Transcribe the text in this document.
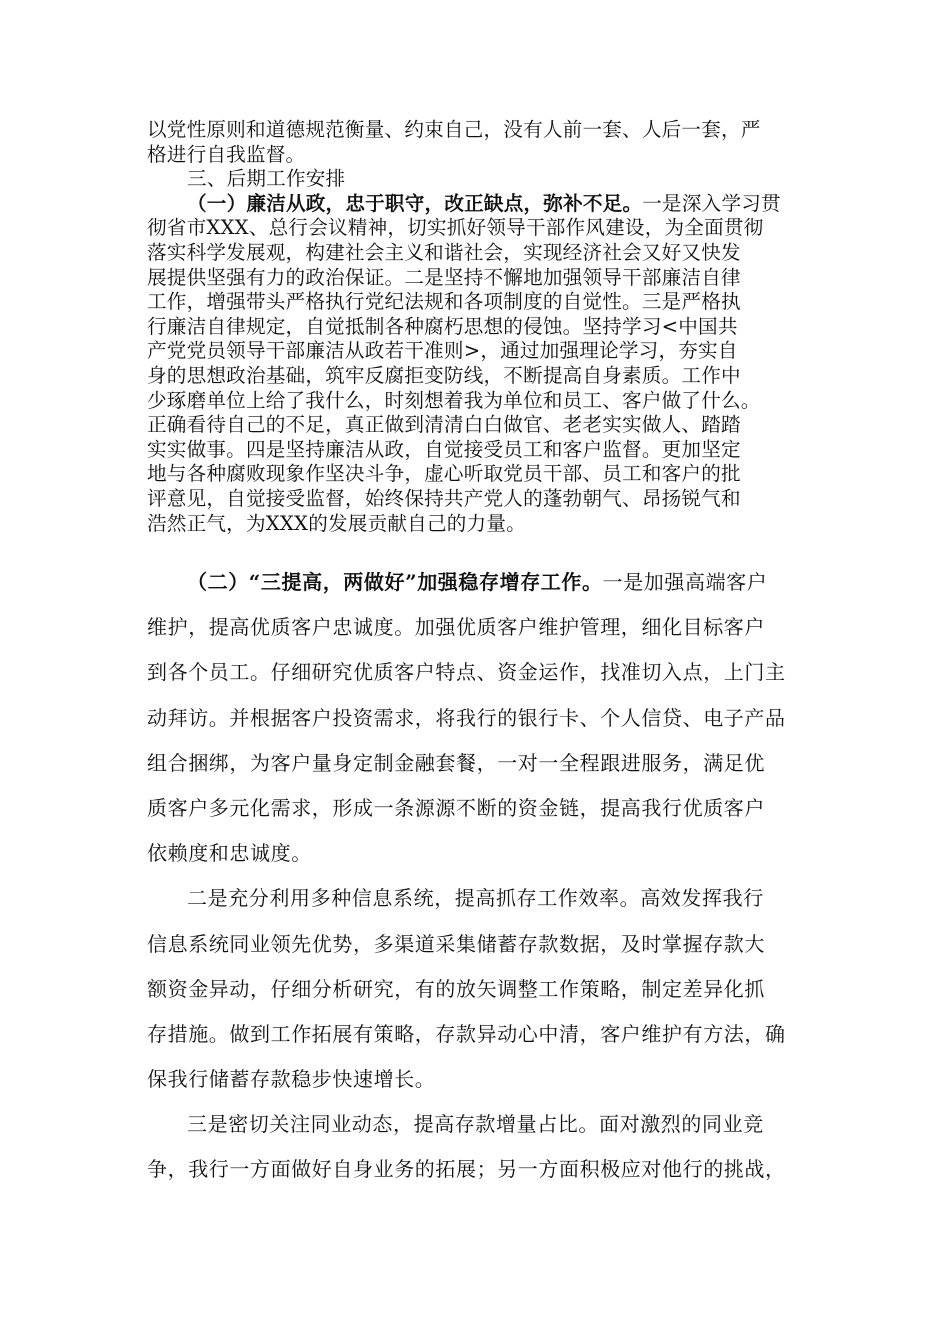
以党性原则和道德规范衡量、约束自己，没有人前一套、人后一套，严
格进行自我监督。
三、后期工作安排
（一）廉洁从政，忠于职守，改正缺点，弥补不足。一是深入学习贯
彻省市XXX、总行会议精神，切实抓好领导干部作风建设，为全面贯彻
落实科学发展观，构建社会主义和谐社会，实现经济社会又好又快发
展提供坚强有力的政治保证。二是坚持不懈地加强领导干部廉洁自律
工作，增强带头严格执行党纪法规和各项制度的自觉性。三是严格执
行廉洁自律规定，自觉抵制各种腐朽思想的侵蚀。坚持学习<中国共
产党党员领导干部廉洁从政若干准则>，通过加强理论学习，夯实自
身的思想政治基础，筑牢反腐拒变防线，不断提高自身素质。工作中
少琢磨单位上给了我什么，时刻想着我为单位和员工、客户做了什么。
正确看待自己的不足，真正做到清清白白做官、老老实实做人、踏踏
实实做事。四是坚持廉洁从政，自觉接受员工和客户监督。更加坚定
地与各种腐败现象作坚决斗争，虚心听取党员干部、员工和客户的批
评意见，自觉接受监督，始终保持共产党人的蓬勃朝气、昂扬锐气和
浩然正气，为XXX的发展贡献自己的力量。
（二）“三提高，两做好”加强稳存增存工作。一是加强高端客户
维护，提高优质客户忠诚度。加强优质客户维护管理，细化目标客户
到各个员工。仔细研究优质客户特点、资金运作，找准切入点，上门主
动拜访。并根据客户投资需求，将我行的银行卡、个人信贷、电子产品
组合捆绑，为客户量身定制金融套餐，一对一全程跟进服务，满足优
质客户多元化需求，形成一条源源不断的资金链，提高我行优质客户
依赖度和忠诚度。
二是充分利用多种信息系统，提高抓存工作效率。高效发挥我行
信息系统同业领先优势，多渠道采集储蓄存款数据，及时掌握存款大
额资金异动，仔细分析研究，有的放矢调整工作策略，制定差异化抓
存措施。做到工作拓展有策略，存款异动心中清，客户维护有方法，确
保我行储蓄存款稳步快速增长。
三是密切关注同业动态，提高存款增量占比。面对激烈的同业竞
争，我行一方面做好自身业务的拓展；另一方面积极应对他行的挑战，
